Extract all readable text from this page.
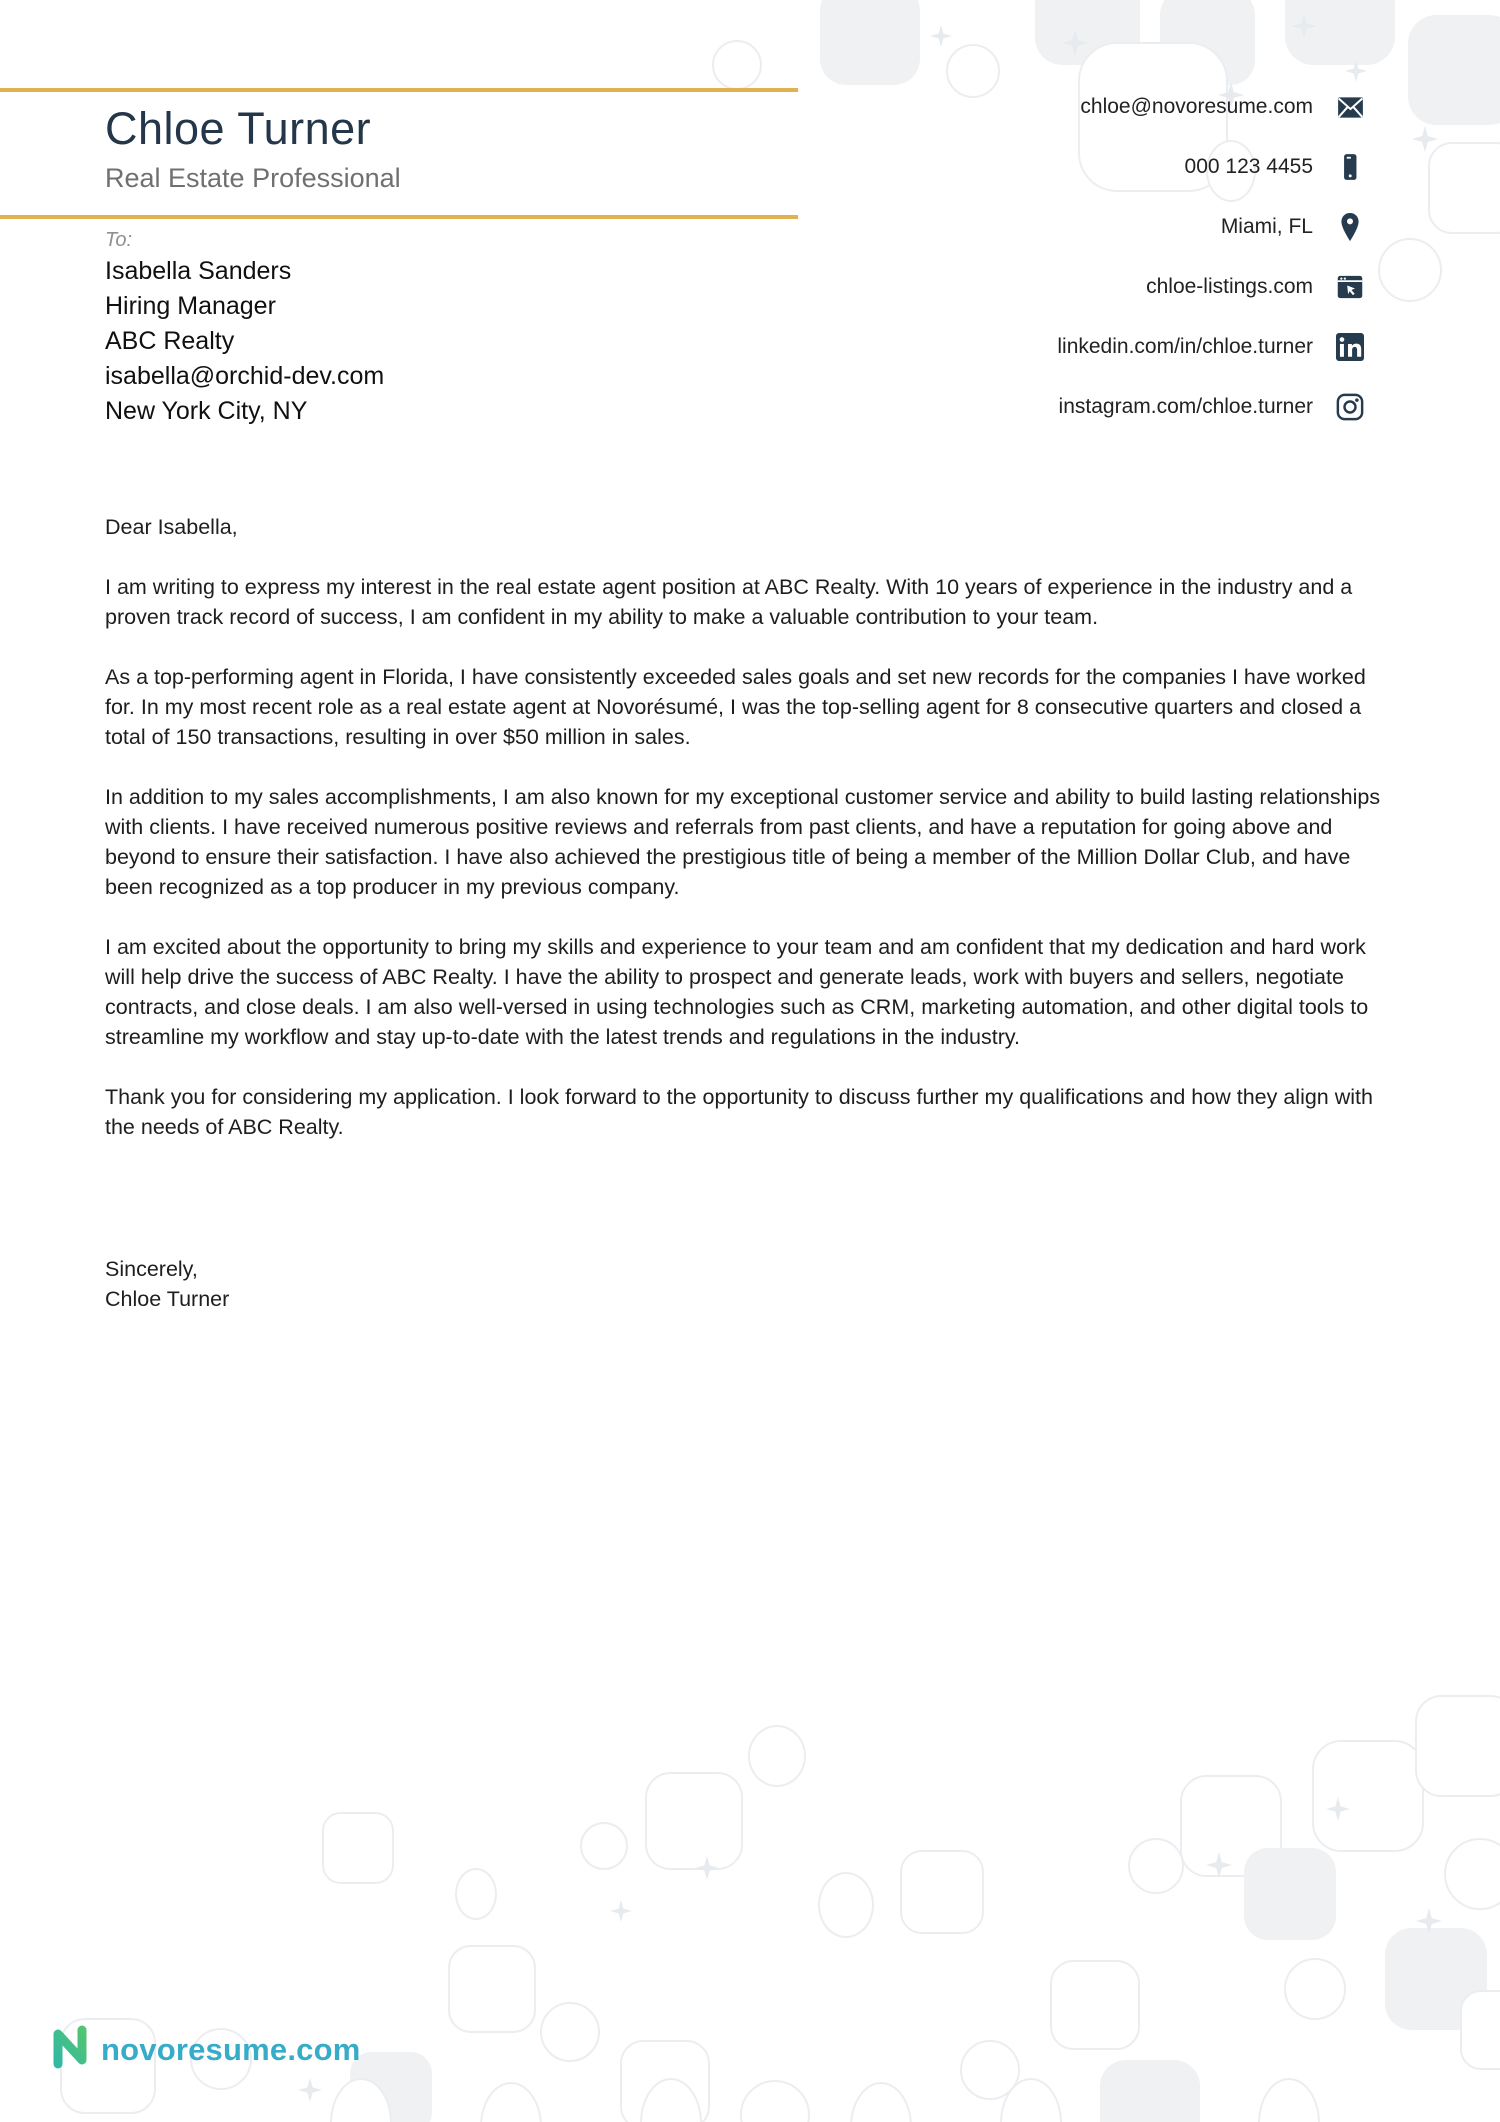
Chloe Turner
Real Estate Professional
chloe@novoresume.com
000 123 4455
Miami, FL
chloe-listings.com
linkedin.com/in/chloe.turner
instagram.com/chloe.turner
To:
Isabella Sanders
Hiring Manager
ABC Realty
isabella@orchid-dev.com
New York City, NY

Dear Isabella,

I am writing to express my interest in the real estate agent position at ABC Realty. With 10 years of experience in the industry and a proven track record of success, I am confident in my ability to make a valuable contribution to your team.

As a top-performing agent in Florida, I have consistently exceeded sales goals and set new records for the companies I have worked for. In my most recent role as a real estate agent at Novorésumé, I was the top-selling agent for 8 consecutive quarters and closed a total of 150 transactions, resulting in over $50 million in sales.

In addition to my sales accomplishments, I am also known for my exceptional customer service and ability to build lasting relationships with clients. I have received numerous positive reviews and referrals from past clients, and have a reputation for going above and beyond to ensure their satisfaction. I have also achieved the prestigious title of being a member of the Million Dollar Club, and have been recognized as a top producer in my previous company.

I am excited about the opportunity to bring my skills and experience to your team and am confident that my dedication and hard work will help drive the success of ABC Realty. I have the ability to prospect and generate leads, work with buyers and sellers, negotiate contracts, and close deals. I am also well-versed in using technologies such as CRM, marketing automation, and other digital tools to streamline my workflow and stay up-to-date with the latest trends and regulations in the industry.

Thank you for considering my application. I look forward to the opportunity to discuss further my qualifications and how they align with the needs of ABC Realty.

Sincerely,

Chloe Turner

novoresume.com
